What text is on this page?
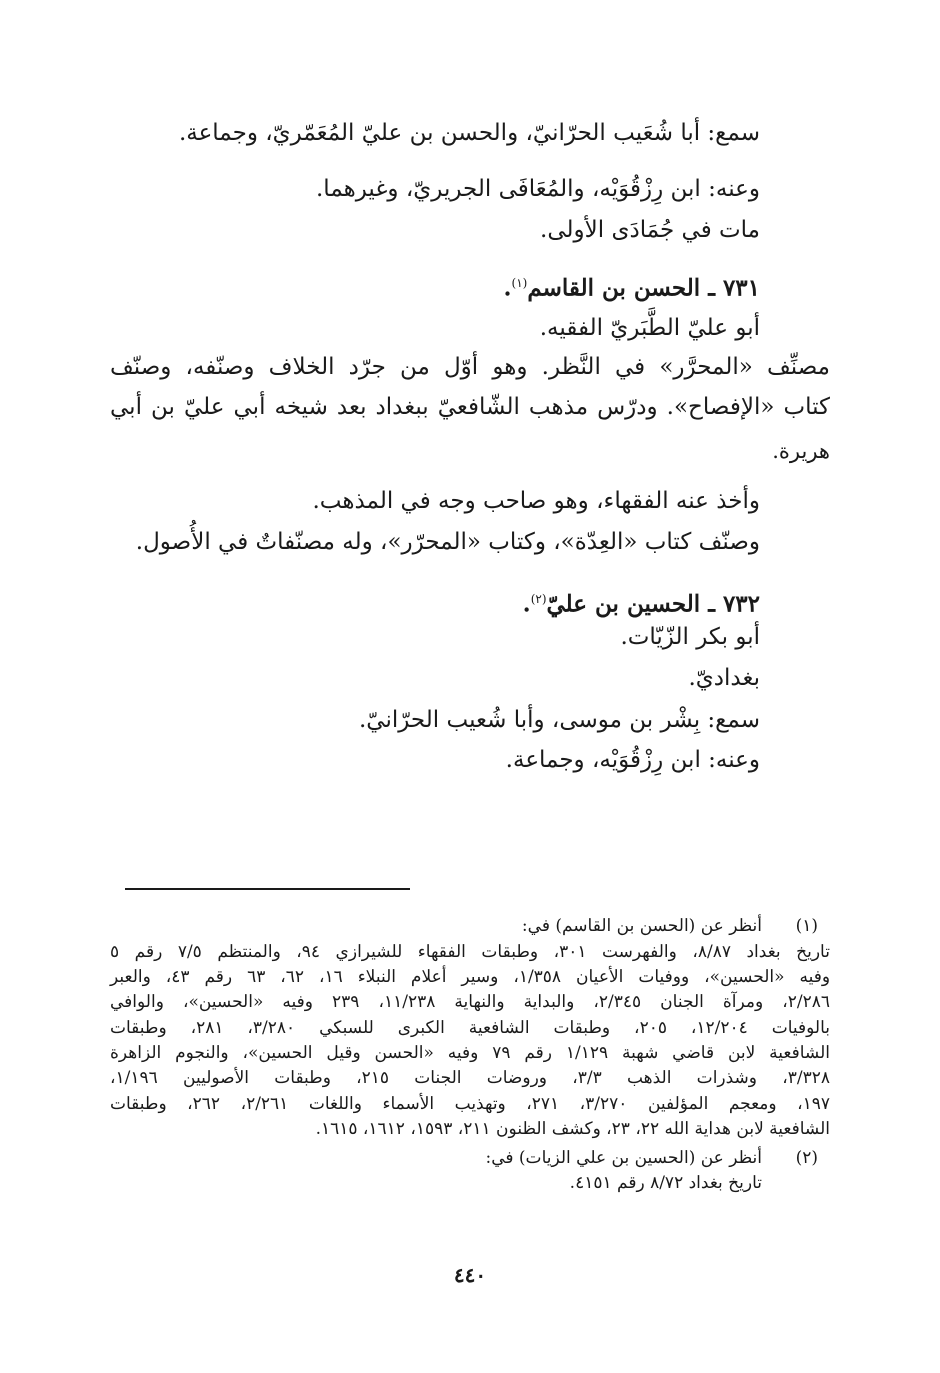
سمع: أبا شُعَيب الحرّانيّ، والحسن بن عليّ المُعَمّريّ، وجماعة.
وعنه: ابن رِزْقُوَيْه، والمُعَافَى الجريريّ، وغيرهما.
مات في جُمَادَى الأولى.
٧٣١ ـ الحسن بن القاسم$^{(١)}$.
أبو عليّ الطَّبَريّ الفقيه.
مصنِّف «المحرَّر» في النَّظر. وهو أوّل من جرّد الخلاف وصنّفه، وصنّف
كتاب «الإفصاح». ودرّس مذهب الشّافعيّ ببغداد بعد شيخه أبي عليّ بن أبي
هريرة.
وأخذ عنه الفقهاء، وهو صاحب وجه في المذهب.
وصنّف كتاب «العِدّة»، وكتاب «المحرّر»، وله مصنّفاتٌ في الأُصول.
٧٣٢ ـ الحسين بن عليّ$^{(٢)}$.
أبو بكر الزّيّات.
بغداديّ.
سمع: بِشْر بن موسى، وأبا شُعيب الحرّانيّ.
وعنه: ابن رِزْقُوَيْه، وجماعة.
(١)
أنظر عن (الحسن بن القاسم) في:
تاريخ بغداد ٨/٨٧، والفهرست ٣٠١، وطبقات الفقهاء للشيرازي ٩٤، والمنتظم ٧/٥ رقم ٥
وفيه «الحسين»، ووفيات الأعيان ١/٣٥٨، وسير أعلام النبلاء ١٦، ٦٢، ٦٣ رقم ٤٣، والعبر
٢/٢٨٦، ومرآة الجنان ٢/٣٤٥، والبداية والنهاية ١١/٢٣٨، ٢٣٩ وفيه «الحسين»، والوافي
بالوفيات ١٢/٢٠٤، ٢٠٥، وطبقات الشافعية الكبرى للسبكي ٣/٢٨٠، ٢٨١، وطبقات
الشافعية لابن قاضي شهبة ١/١٢٩ رقم ٧٩ وفيه «الحسن وقيل الحسين»، والنجوم الزاهرة
٣/٣٢٨، وشذرات الذهب ٣/٣، وروضات الجنات ٢١٥، وطبقات الأصوليين ١/١٩٦،
١٩٧، ومعجم المؤلفين ٣/٢٧٠، ٢٧١، وتهذيب الأسماء واللغات ٢/٢٦١، ٢٦٢، وطبقات
الشافعية لابن هداية الله ٢٢، ٢٣، وكشف الظنون ٢١١، ١٥٩٣، ١٦١٢، ١٦١٥.
(٢)
أنظر عن (الحسين بن علي الزيات) في:
تاريخ بغداد ٨/٧٢ رقم ٤١٥١.
٤٤٠
